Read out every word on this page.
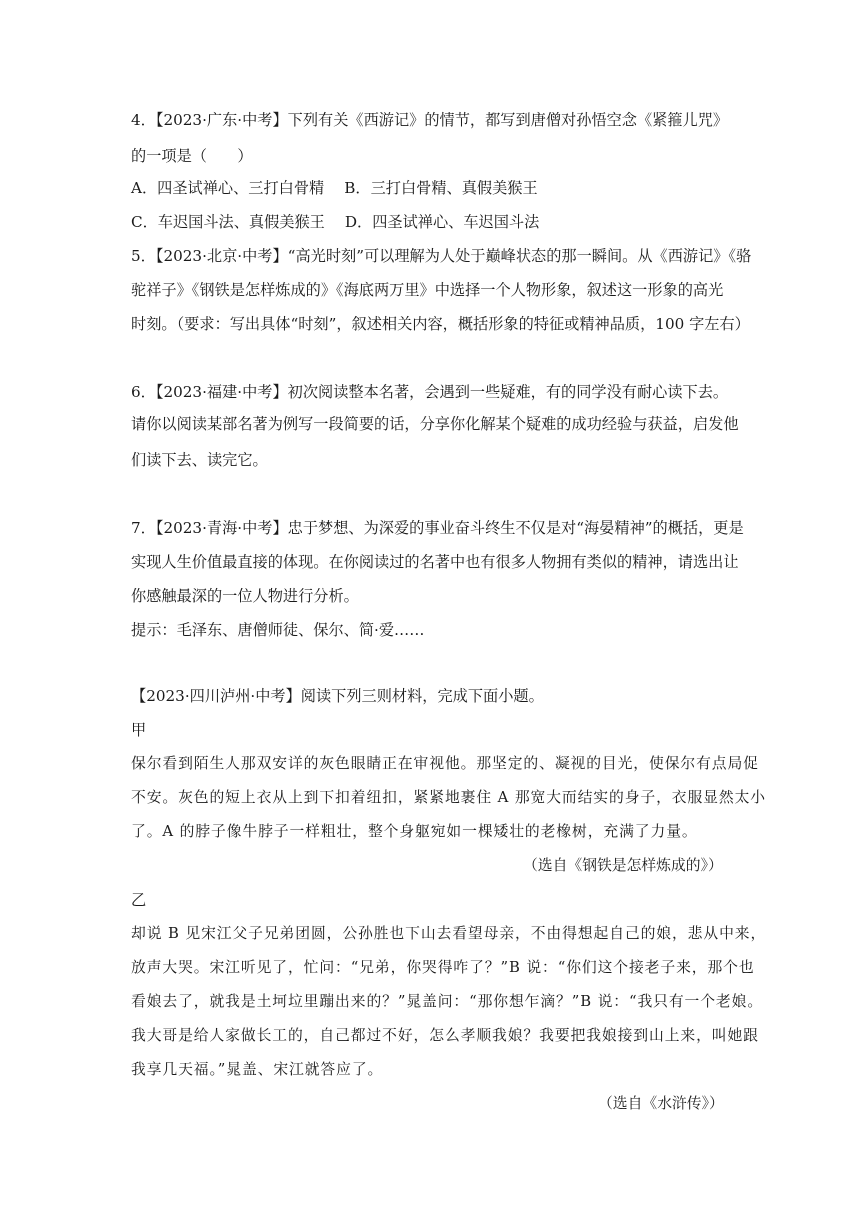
4．【2023·广东·中考】下列有关《西游记》的情节，都写到唐僧对孙悟空念《紧箍儿咒》
的一项是（　　）
A．四圣试禅心、三打白骨精　 B．三打白骨精、真假美猴王
C．车迟国斗法、真假美猴王　 D．四圣试禅心、车迟国斗法
5．【2023·北京·中考】“高光时刻”可以理解为人处于巅峰状态的那一瞬间。从《西游记》《骆
驼祥子》《钢铁是怎样炼成的》《海底两万里》中选择一个人物形象，叙述这一形象的高光
时刻。（要求：写出具体“时刻”，叙述相关内容，概括形象的特征或精神品质，100 字左右）
6．【2023·福建·中考】初次阅读整本名著，会遇到一些疑难，有的同学没有耐心读下去。
请你以阅读某部名著为例写一段简要的话，分享你化解某个疑难的成功经验与获益，启发他
们读下去、读完它。
7．【2023·青海·中考】忠于梦想、为深爱的事业奋斗终生不仅是对“海晏精神”的概括，更是
实现人生价值最直接的体现。在你阅读过的名著中也有很多人物拥有类似的精神，请选出让
你感触最深的一位人物进行分析。
提示：毛泽东、唐僧师徒、保尔、简·爱……
【2023·四川泸州·中考】阅读下列三则材料，完成下面小题。
甲
保尔看到陌生人那双安详的灰色眼睛正在审视他。那坚定的、凝视的目光，使保尔有点局促
不安。灰色的短上衣从上到下扣着纽扣，紧紧地裹住 A 那宽大而结实的身子，衣服显然太小
了。A 的脖子像牛脖子一样粗壮，整个身躯宛如一棵矮壮的老橡树，充满了力量。
（选自《钢铁是怎样炼成的》）
乙
却说 B 见宋江父子兄弟团圆，公孙胜也下山去看望母亲，不由得想起自己的娘，悲从中来，
放声大哭。宋江听见了，忙问：“兄弟，你哭得咋了？”B 说：“你们这个接老子来，那个也
看娘去了，就我是土坷垃里蹦出来的？”晁盖问：“那你想乍滴？”B 说：“我只有一个老娘。
我大哥是给人家做长工的，自己都过不好，怎么孝顺我娘？我要把我娘接到山上来，叫她跟
我享几天福。”晁盖、宋江就答应了。
（选自《水浒传》）
